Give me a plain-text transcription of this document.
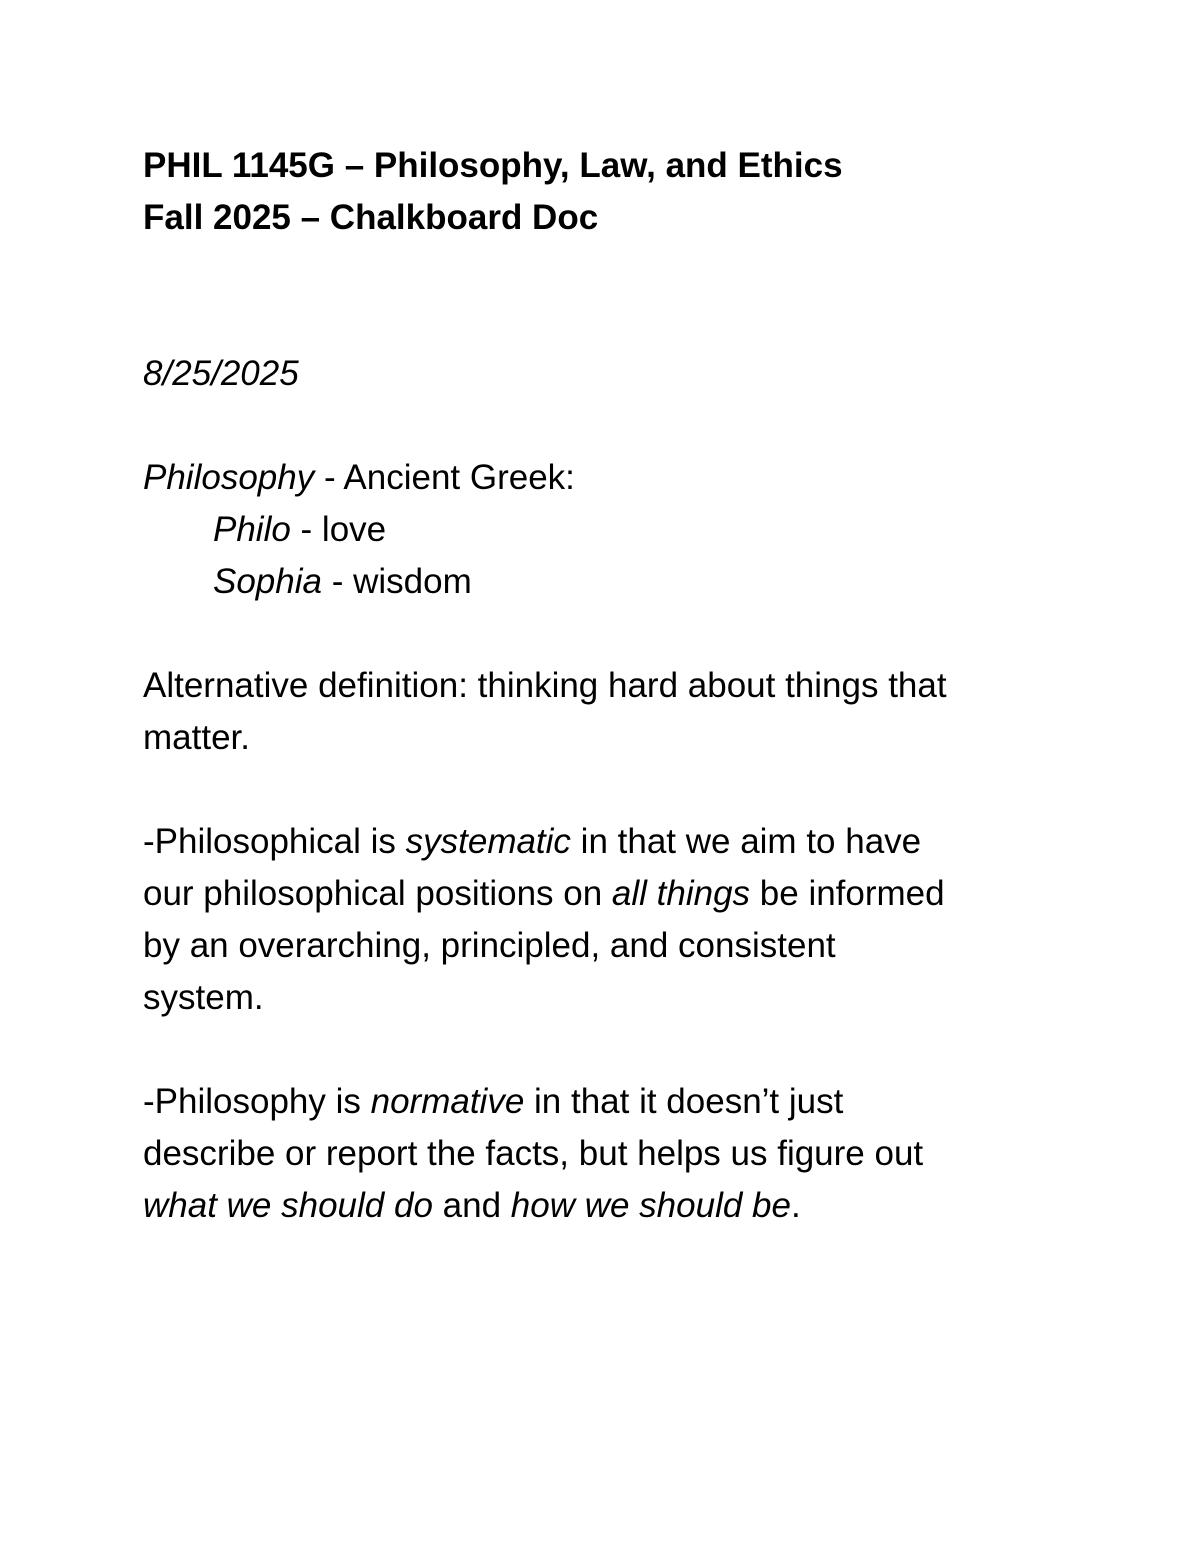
PHIL 1145G – Philosophy, Law, and Ethics
Fall 2025 – Chalkboard Doc
8/25/2025
Philosophy - Ancient Greek:
Philo - love
Sophia - wisdom
Alternative definition: thinking hard about things that
matter.
-Philosophical is systematic in that we aim to have
our philosophical positions on all things be informed
by an overarching, principled, and consistent
system.
-Philosophy is normative in that it doesn’t just
describe or report the facts, but helps us figure out
what we should do and how we should be.
